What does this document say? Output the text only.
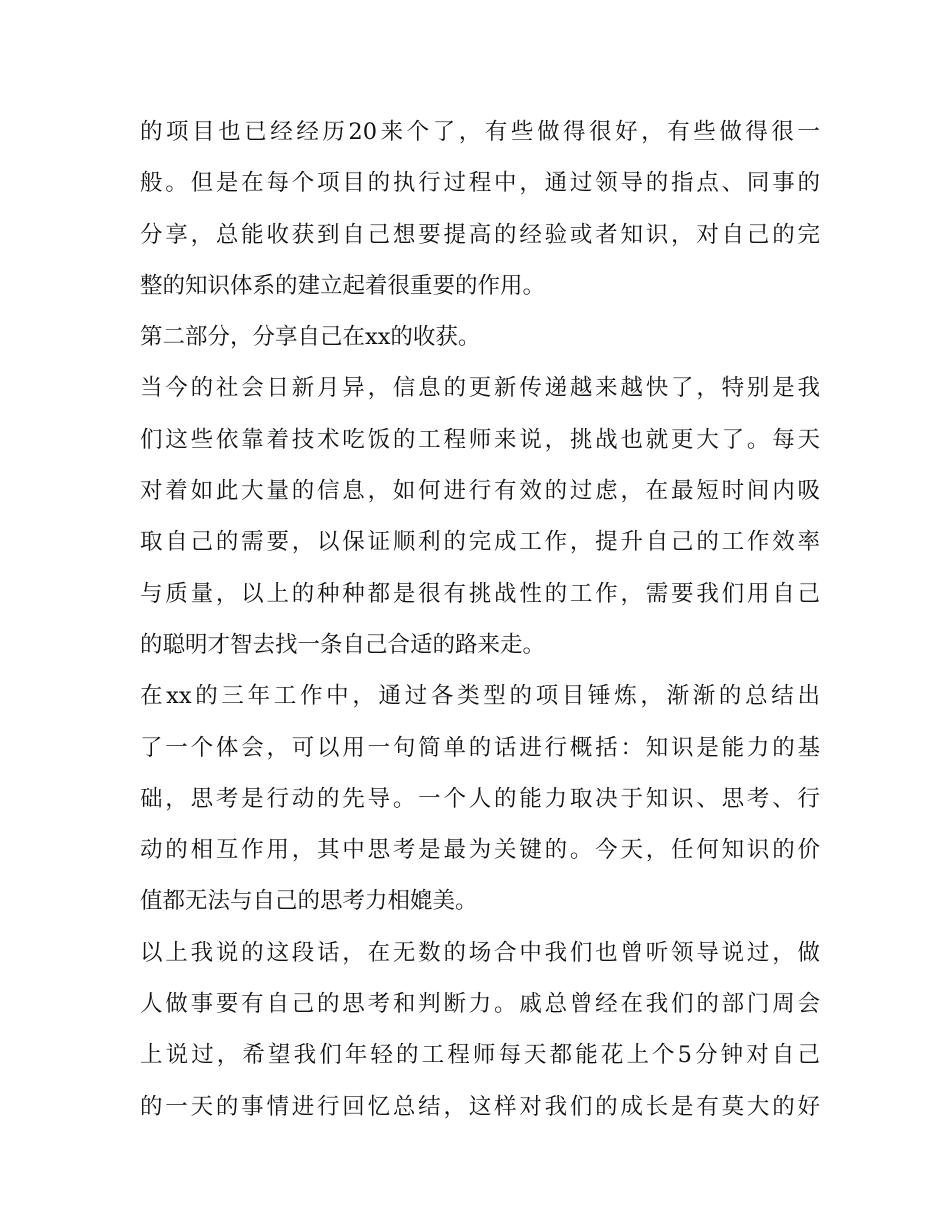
的项目也已经经历20来个了，有些做得很好，有些做得很一
般。但是在每个项目的执行过程中，通过领导的指点、同事的
分享，总能收获到自己想要提高的经验或者知识，对自己的完
整的知识体系的建立起着很重要的作用。
第二部分，分享自己在xx的收获。
当今的社会日新月异，信息的更新传递越来越快了，特别是我
们这些依靠着技术吃饭的工程师来说，挑战也就更大了。每天
对着如此大量的信息，如何进行有效的过虑，在最短时间内吸
取自己的需要，以保证顺利的完成工作，提升自己的工作效率
与质量，以上的种种都是很有挑战性的工作，需要我们用自己
的聪明才智去找一条自己合适的路来走。
在xx的三年工作中，通过各类型的项目锤炼，渐渐的总结出
了一个体会，可以用一句简单的话进行概括：知识是能力的基
础，思考是行动的先导。一个人的能力取决于知识、思考、行
动的相互作用，其中思考是最为关键的。今天，任何知识的价
值都无法与自己的思考力相媲美。
以上我说的这段话，在无数的场合中我们也曾听领导说过，做
人做事要有自己的思考和判断力。戚总曾经在我们的部门周会
上说过，希望我们年轻的工程师每天都能花上个5分钟对自己
的一天的事情进行回忆总结，这样对我们的成长是有莫大的好
